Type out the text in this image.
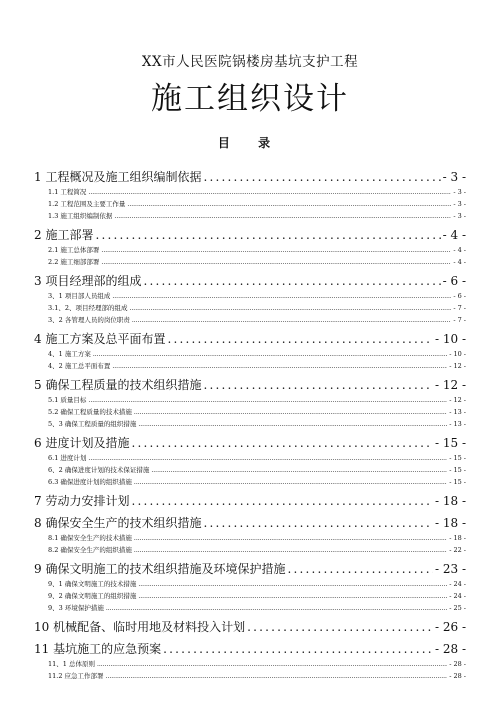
XX市人民医院锅楼房基坑支护工程
施工组织设计
目 录
1 工程概况及施工组织编制依据 .....	- 3 -
1.1 工程简况 .....	- 3 -
1.2 工程范围及主要工作量 .....	- 3 -
1.3 施工组织编制依据 .....	- 3 -
2 施工部署 .....	- 4 -
2.1 施工总体部署 .....	- 4 -
2.2 施工细部部署 .....	- 4 -
3 项目经理部的组成 .....	- 6 -
3、1 项目部人员组成 .....	- 6 -
3.1、2、项目经理部的组成 .....	- 7 -
3、2 各管理人员的岗位职责 .....	- 7 -
4 施工方案及总平面布置 .....	- 10 -
4、1 施工方案 .....	- 10 -
4、2 施工总平面布置 .....	- 12 -
5 确保工程质量的技术组织措施 .....	- 12 -
5.1 质量目标 .....	- 12 -
5.2 确保工程质量的技术措施 .....	- 13 -
5、3 确保工程质量的组织措施 .....	- 13 -
6 进度计划及措施 .....	- 15 -
6.1 进度计划 .....	- 15 -
6、2 确保进度计划的技术保证措施 .....	- 15 -
6.3 确保进度计划的组织措施 .....	- 15 -
7 劳动力安排计划 .....	- 18 -
8 确保安全生产的技术组织措施 .....	- 18 -
8.1 确保安全生产的技术措施 .....	- 18 -
8.2 确保安全生产的组织措施 .....	- 22 -
9 确保文明施工的技术组织措施及环境保护措施 .....	- 23 -
9、1 确保文明施工的技术措施 .....	- 24 -
9、2 确保文明施工的组织措施 .....	- 24 -
9、3 环境保护措施 .....	- 25 -
10 机械配备、临时用地及材料投入计划 .....	- 26 -
11 基坑施工的应急预案 .....	- 28 -
11、1 总体原则 .....	- 28 -
11.2 应急工作部署 .....	- 28 -
